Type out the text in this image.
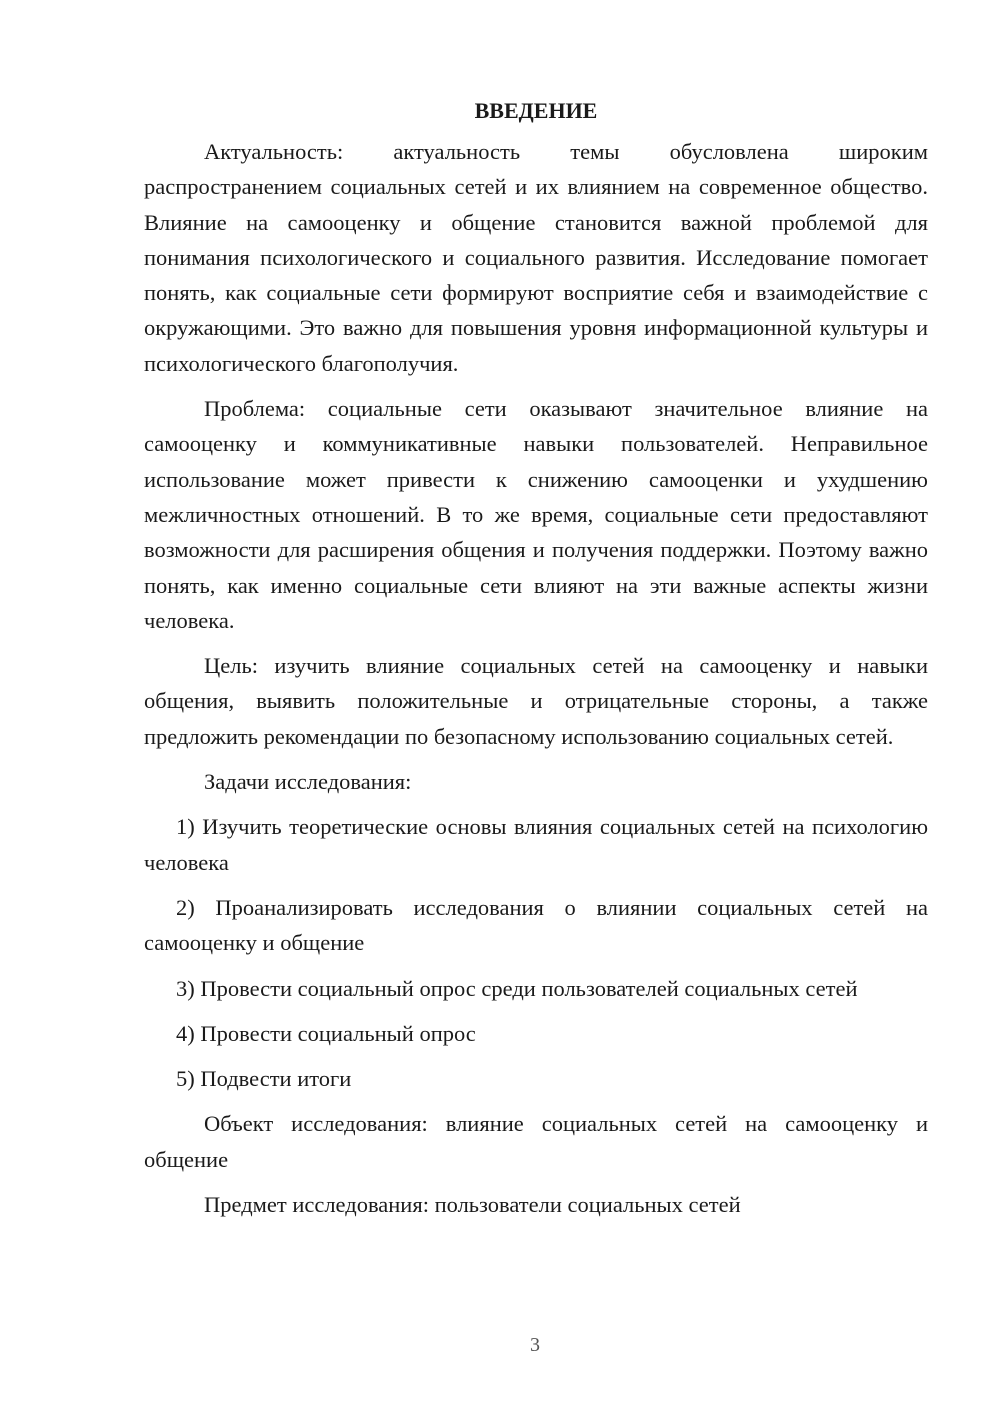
ВВЕДЕНИЕ

Актуальность: актуальность темы обусловлена широким распространением социальных сетей и их влиянием на современное общество. Влияние на самооценку и общение становится важной проблемой для понимания психологического и социального развития. Исследование помогает понять, как социальные сети формируют восприятие себя и взаимодействие с окружающими. Это важно для повышения уровня информационной культуры и психологического благополучия.

Проблема: социальные сети оказывают значительное влияние на самооценку и коммуникативные навыки пользователей. Неправильное использование может привести к снижению самооценки и ухудшению межличностных отношений. В то же время, социальные сети предоставляют возможности для расширения общения и получения поддержки. Поэтому важно понять, как именно социальные сети влияют на эти важные аспекты жизни человека.

Цель: изучить влияние социальных сетей на самооценку и навыки общения, выявить положительные и отрицательные стороны, а также предложить рекомендации по безопасному использованию социальных сетей.

Задачи исследования:

1) Изучить теоретические основы влияния социальных сетей на психологию человека

2) Проанализировать исследования о влиянии социальных сетей на самооценку и общение

3) Провести социальный опрос среди пользователей социальных сетей

4) Провести социальный опрос

5) Подвести итоги

Объект исследования: влияние социальных сетей на самооценку и общение

Предмет исследования: пользователи социальных сетей

3
